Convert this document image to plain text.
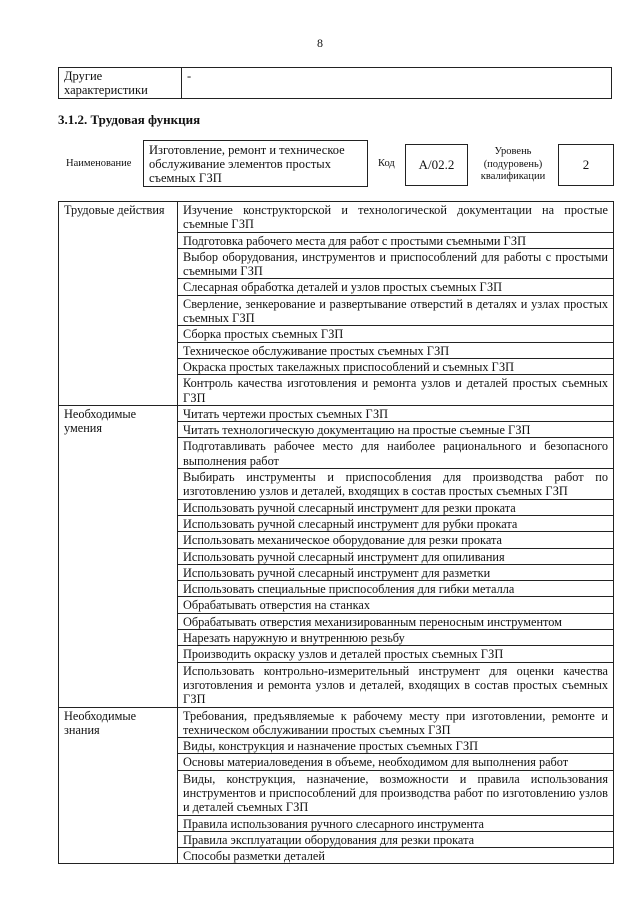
8
Другие характеристики	-
3.1.2. Трудовая функция
Наименование
Изготовление, ремонт и техническое обслуживание элементов простых съемных ГЗП
Код	А/02.2
Уровень (подуровень) квалификации
2
Трудовые действия	Изучение конструкторской и технологической документации на простые съемные ГЗП
	Подготовка рабочего места для работ с простыми съемными ГЗП
	Выбор оборудования, инструментов и приспособлений для работы с простыми съемными ГЗП
	Слесарная обработка деталей и узлов простых съемных ГЗП
	Сверление, зенкерование и развертывание отверстий в деталях и узлах простых съемных ГЗП
	Сборка простых съемных ГЗП
	Техническое обслуживание простых съемных ГЗП
	Окраска простых такелажных приспособлений и съемных ГЗП
	Контроль качества изготовления и ремонта узлов и деталей простых съемных ГЗП
Необходимые умения	Читать чертежи простых съемных ГЗП
	Читать технологическую документацию на простые съемные ГЗП
	Подготавливать рабочее место для наиболее рационального и безопасного выполнения работ
	Выбирать инструменты и приспособления для производства работ по изготовлению узлов и деталей, входящих в состав простых съемных ГЗП
	Использовать ручной слесарный инструмент для резки проката
	Использовать ручной слесарный инструмент для рубки проката
	Использовать механическое оборудование для резки проката
	Использовать ручной слесарный инструмент для опиливания
	Использовать ручной слесарный инструмент для разметки
	Использовать специальные приспособления для гибки металла
	Обрабатывать отверстия на станках
	Обрабатывать отверстия механизированным переносным инструментом
	Нарезать наружную и внутреннюю резьбу
	Производить окраску узлов и деталей простых съемных ГЗП
	Использовать контрольно-измерительный инструмент для оценки качества изготовления и ремонта узлов и деталей, входящих в состав простых съемных ГЗП
Необходимые знания	Требования, предъявляемые к рабочему месту при изготовлении, ремонте и техническом обслуживании простых съемных ГЗП
	Виды, конструкция и назначение простых съемных ГЗП
	Основы материаловедения в объеме, необходимом для выполнения работ
	Виды, конструкция, назначение, возможности и правила использования инструментов и приспособлений для производства работ по изготовлению узлов и деталей съемных ГЗП
	Правила использования ручного слесарного инструмента
	Правила эксплуатации оборудования для резки проката
	Способы разметки деталей
